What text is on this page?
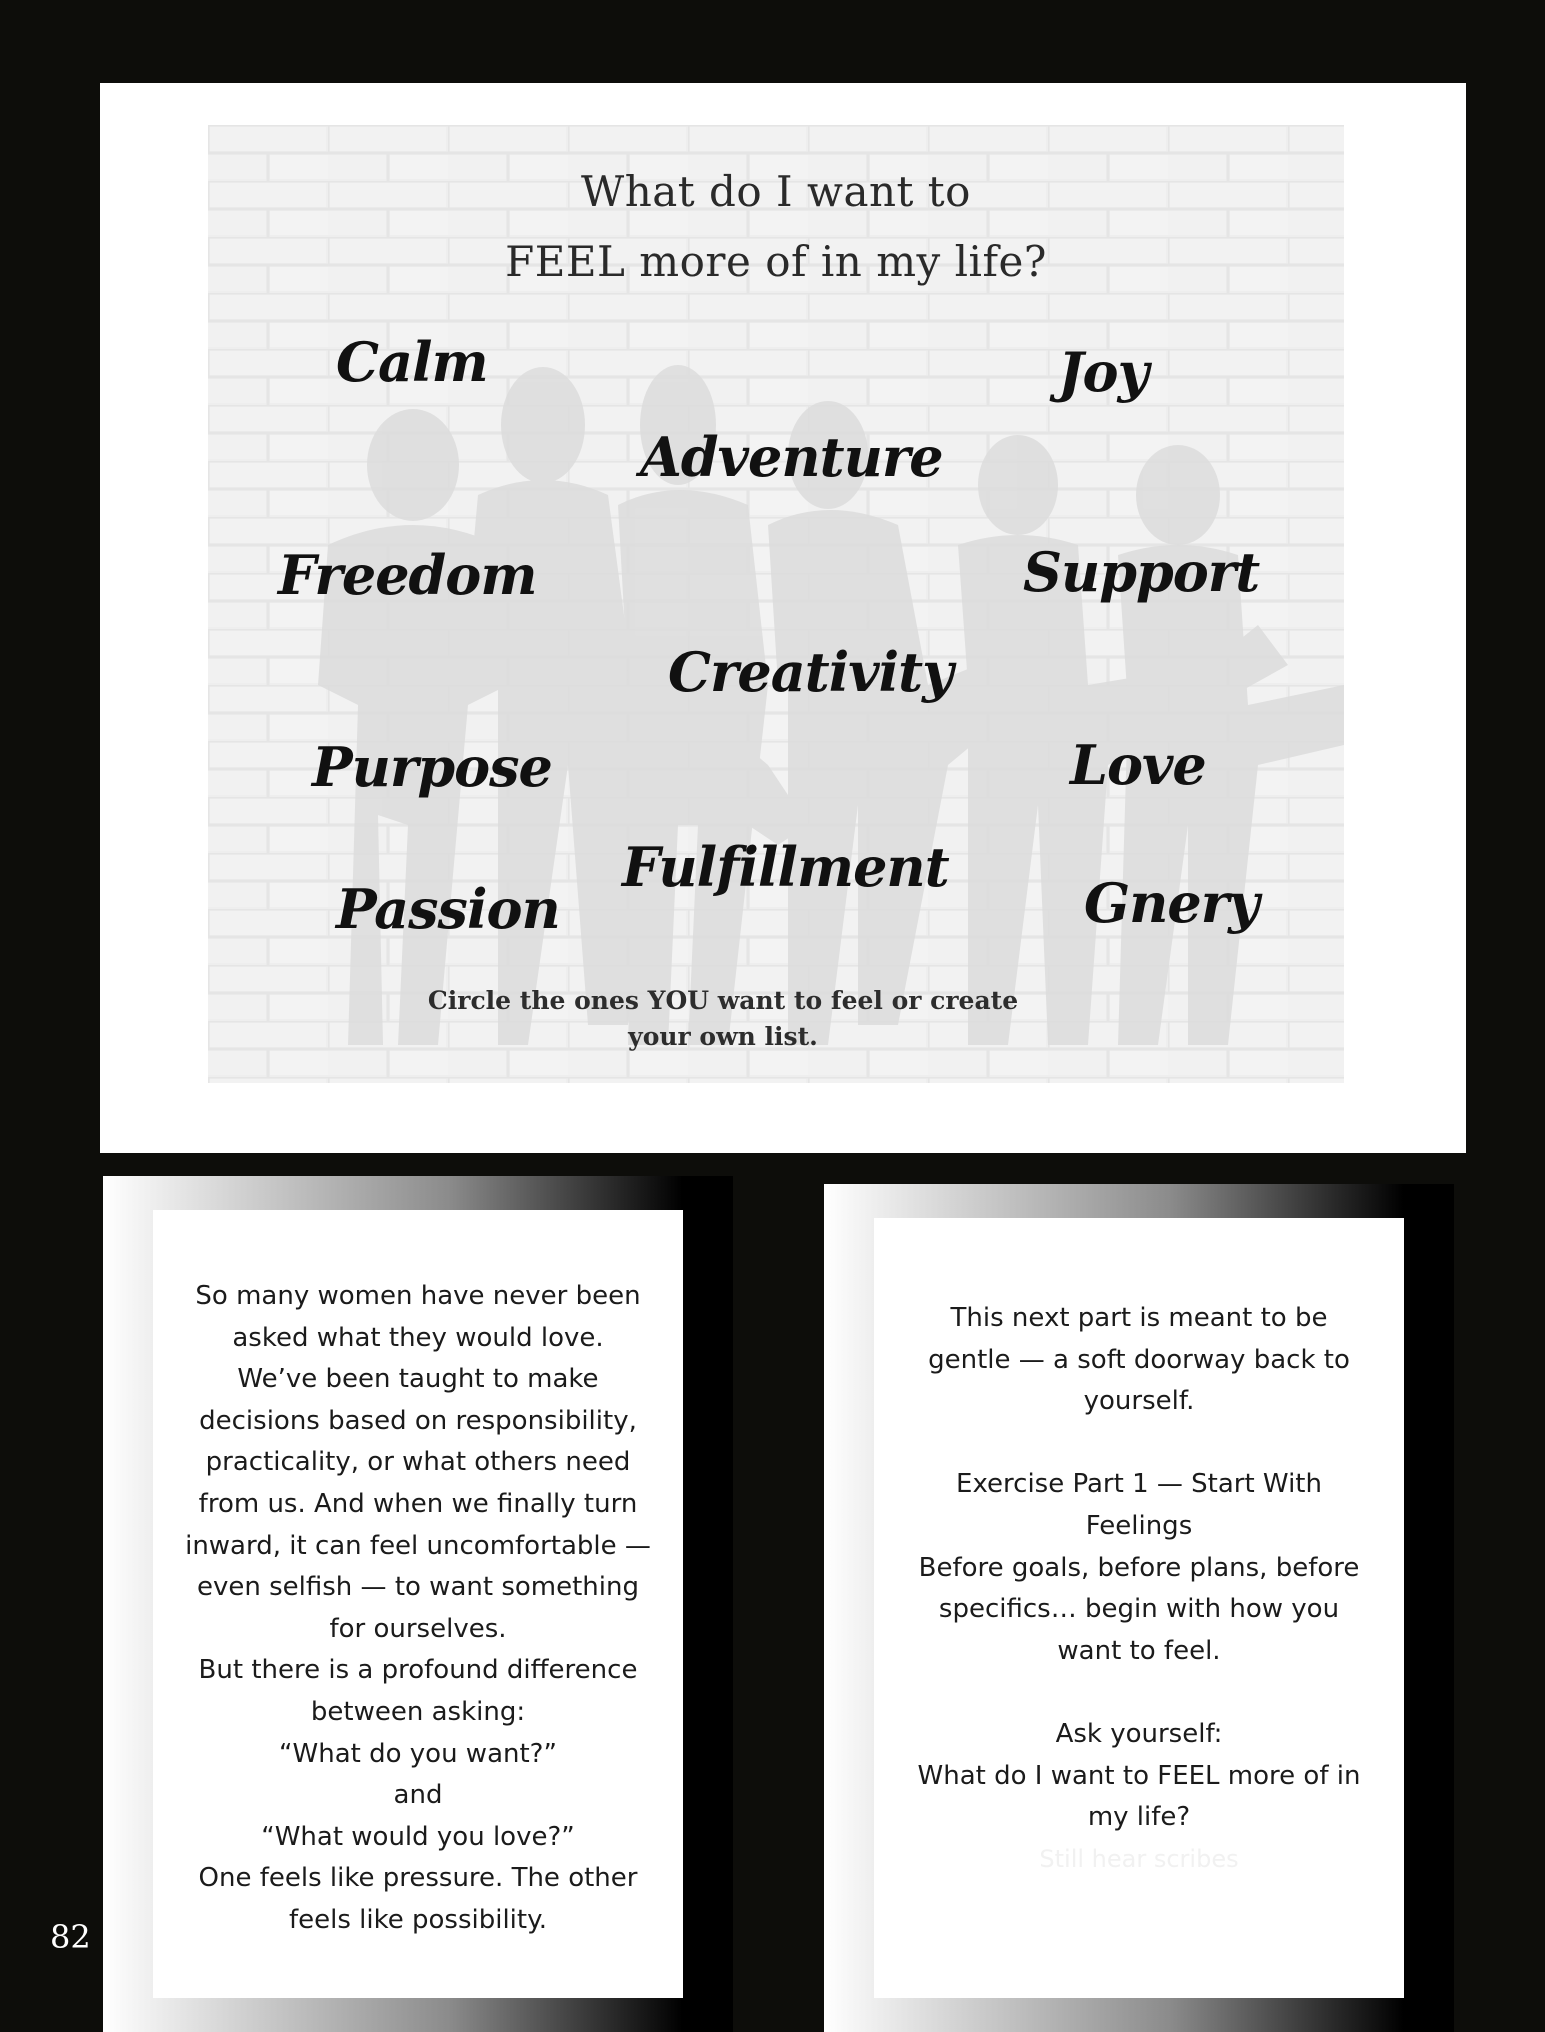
What do I want to
FEEL more of in my life?
Calm	Joy
Adventure
Freedom	Support
Creativity
Purpose	Love
Fulfillment
Passion	Gnery
Circle the ones YOU want to feel or create
your own list.

So many women have never been asked what they would love.

We’ve been taught to make decisions based on responsibility, practicality, or what others need from us. And when we finally turn inward, it can feel uncomfortable — even selfish — to want something for ourselves.

But there is a profound difference between asking:

“What do you want?”

and

“What would you love?”

One feels like pressure. The other feels like possibility.

This next part is meant to be gentle — a soft doorway back to yourself.

Exercise Part 1 — Start With Feelings

Before goals, before plans, before specifics… begin with how you want to feel.

Ask yourself:

What do I want to FEEL more of in my life?

Still hear scribes

82
